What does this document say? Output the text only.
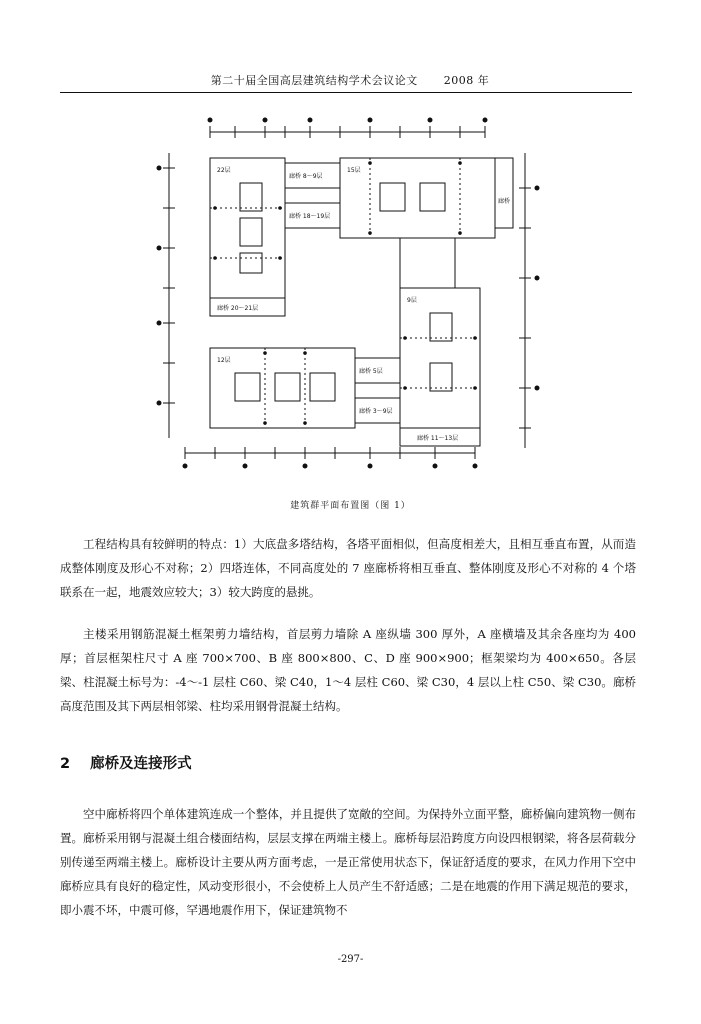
第二十届全国高层建筑结构学术会议论文 2008 年
22层	15层
9层
12层
廊桥 8～9层
廊桥 18～19层
廊桥 20～21层
廊桥 5层
廊桥 3～9层
廊桥 11～13层
廊桥
建筑群平面布置图（图 1）

工程结构具有较鲜明的特点：1）大底盘多塔结构，各塔平面相似，但高度相差大，且相互垂直布置，从而造成整体刚度及形心不对称；2）四塔连体，不同高度处的 7 座廊桥将相互垂直、整体刚度及形心不对称的 4 个塔联系在一起，地震效应较大；3）较大跨度的悬挑。

主楼采用钢筋混凝土框架剪力墙结构，首层剪力墙除 A 座纵墙 300 厚外，A 座横墙及其余各座均为 400 厚；首层框架柱尺寸 A 座 700×700、B 座 800×800、C、D 座 900×900；框架梁均为 400×650。各层梁、柱混凝土标号为：-4～-1 层柱 C60、梁 C40，1～4 层柱 C60、梁 C30，4 层以上柱 C50、梁 C30。廊桥高度范围及其下两层相邻梁、柱均采用钢骨混凝土结构。

2 廊桥及连接形式

空中廊桥将四个单体建筑连成一个整体，并且提供了宽敞的空间。为保持外立面平整，廊桥偏向建筑物一侧布置。廊桥采用钢与混凝土组合楼面结构，层层支撑在两端主楼上。廊桥每层沿跨度方向设四根钢梁，将各层荷载分别传递至两端主楼上。廊桥设计主要从两方面考虑，一是正常使用状态下，保证舒适度的要求，在风力作用下空中廊桥应具有良好的稳定性，风动变形很小，不会使桥上人员产生不舒适感；二是在地震的作用下满足规范的要求，即小震不坏，中震可修，罕遇地震作用下，保证建筑物不

-297-
